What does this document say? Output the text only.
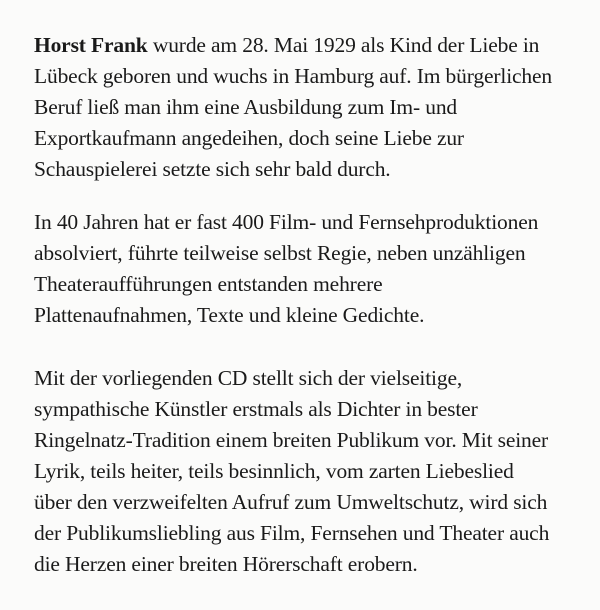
Horst Frank wurde am 28. Mai 1929 als Kind der Liebe in
Lübeck geboren und wuchs in Hamburg auf. Im bürgerlichen
Beruf ließ man ihm eine Ausbildung zum Im- und
Exportkaufmann angedeihen, doch seine Liebe zur
Schauspielerei setzte sich sehr bald durch.
In 40 Jahren hat er fast 400 Film- und Fernsehproduktionen
absolviert, führte teilweise selbst Regie, neben unzähligen
Theateraufführungen entstanden mehrere
Plattenaufnahmen, Texte und kleine Gedichte.
Mit der vorliegenden CD stellt sich der vielseitige,
sympathische Künstler erstmals als Dichter in bester
Ringelnatz-Tradition einem breiten Publikum vor. Mit seiner
Lyrik, teils heiter, teils besinnlich, vom zarten Liebeslied
über den verzweifelten Aufruf zum Umweltschutz, wird sich
der Publikumsliebling aus Film, Fernsehen und Theater auch
die Herzen einer breiten Hörerschaft erobern.
